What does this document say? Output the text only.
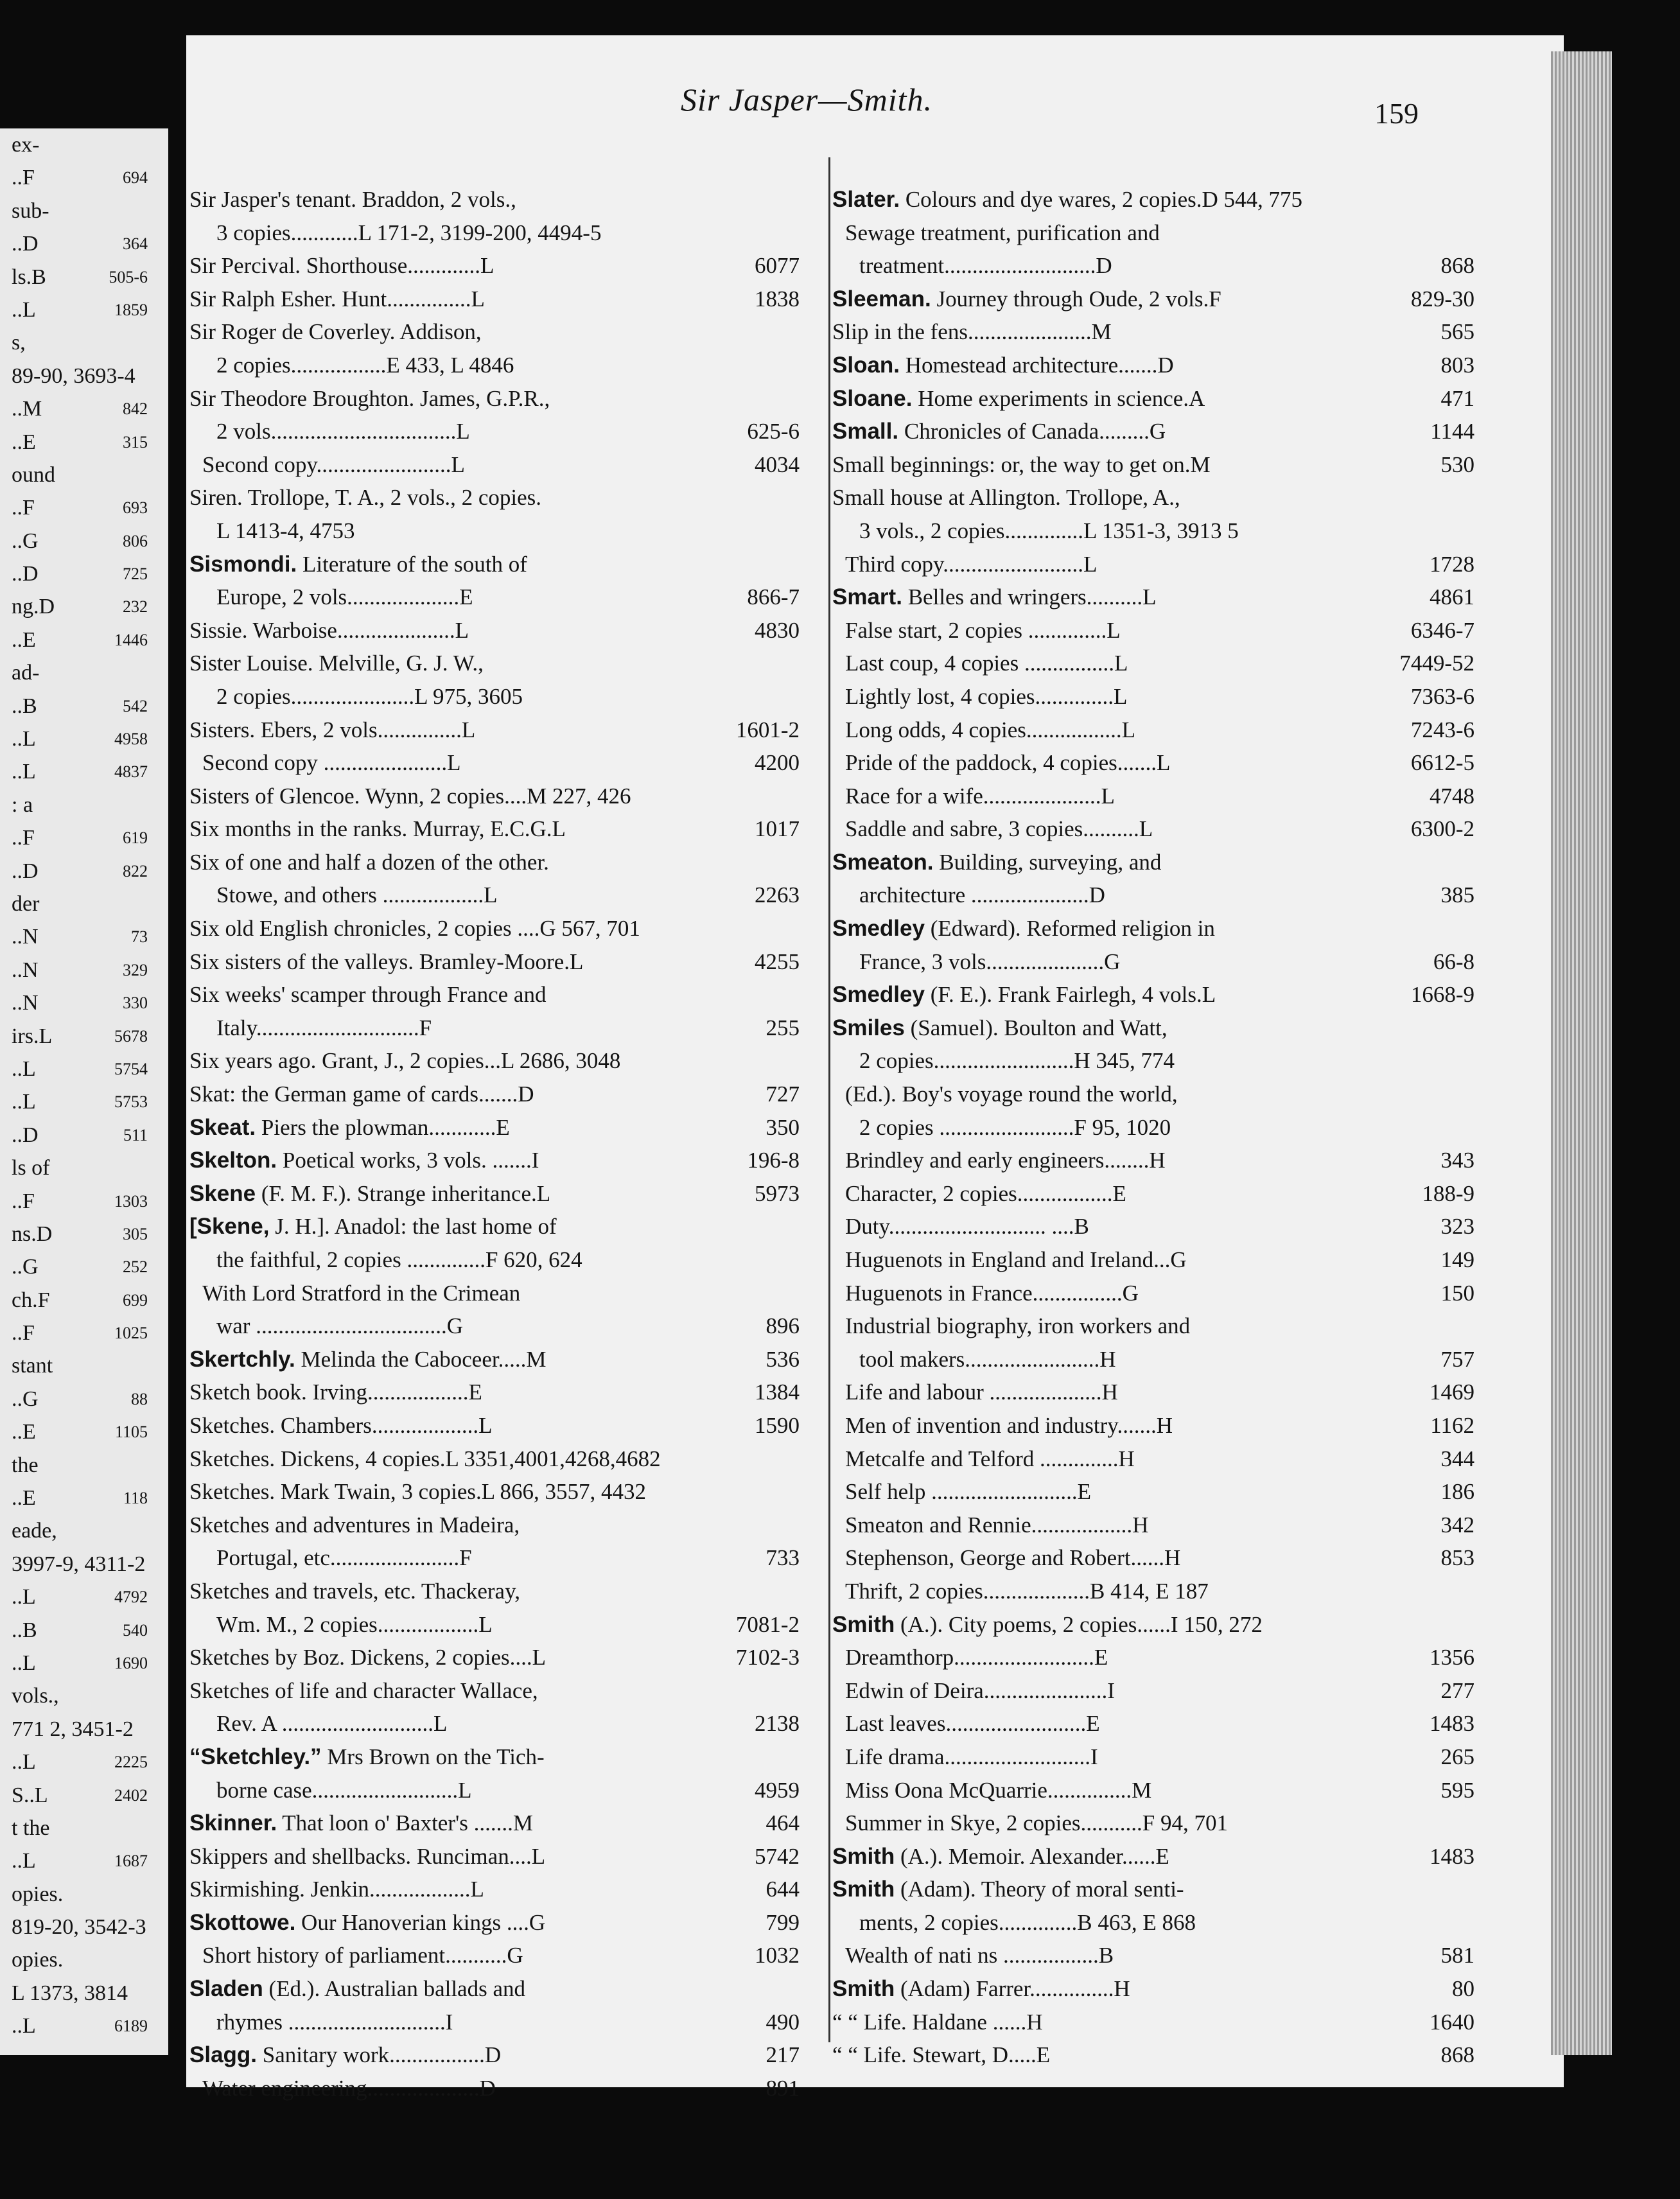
ex-
..F	694
sub-
..D	364
ls.B	505-6
..L	1859
s,
89-90, 3693-4
..M	842
..E	315
ound
..F	693
..G	806
..D	725
ng.D	232
..E	1446
ad-
..B	542
..L	4958
..L	4837
: a
..F	619
..D	822
der
..N	73
..N	329
..N	330
irs.L	5678
..L	5754
..L	5753
..D	511
ls of
..F	1303
ns.D	305
..G	252
ch.F	699
..F	1025
stant
..G	88
..E	1105
the
..E	118
eade,
3997-9, 4311-2
..L	4792
..B	540
..L	1690
vols.,
771 2, 3451-2
..L	2225
S..L	2402
t the
..L	1687
opies.
819-20, 3542-3
opies.
L 1373, 3814
..L	6189
Sir Jasper—Smith.	159
Sir Jasper's tenant. Braddon, 2 vols.,
3 copies............L 171-2, 3199-200, 4494-5
Sir Percival. Shorthouse.............L	6077
Sir Ralph Esher. Hunt...............L	1838
Sir Roger de Coverley. Addison,
2 copies.................E 433, L 4846
Sir Theodore Broughton. James, G.P.R.,
2 vols.................................L	625-6
Second copy........................L	4034
Siren. Trollope, T. A., 2 vols., 2 copies.
L 1413-4, 4753
Sismondi. Literature of the south of
Europe, 2 vols....................E	866-7
Sissie. Warboise.....................L	4830
Sister Louise. Melville, G. J. W.,
2 copies......................L 975, 3605
Sisters. Ebers, 2 vols...............L	1601-2
Second copy ......................L	4200
Sisters of Glencoe. Wynn, 2 copies....M 227, 426
Six months in the ranks. Murray, E.C.G.L	1017
Six of one and half a dozen of the other.
Stowe, and others ..................L	2263
Six old English chronicles, 2 copies ....G 567, 701
Six sisters of the valleys. Bramley-Moore.L	4255
Six weeks' scamper through France and
Italy.............................F	255
Six years ago. Grant, J., 2 copies...L 2686, 3048
Skat: the German game of cards.......D	727
Skeat. Piers the plowman............E	350
Skelton. Poetical works, 3 vols. .......I	196-8
Skene (F. M. F.). Strange inheritance.L	5973
[Skene, J. H.]. Anadol: the last home of
the faithful, 2 copies ..............F 620, 624
With Lord Stratford in the Crimean
war ..................................G	896
Skertchly. Melinda the Caboceer.....M	536
Sketch book. Irving..................E	1384
Sketches. Chambers...................L	1590
Sketches. Dickens, 4 copies.L 3351,4001,4268,4682
Sketches. Mark Twain, 3 copies.L 866, 3557, 4432
Sketches and adventures in Madeira,
Portugal, etc.......................F	733
Sketches and travels, etc. Thackeray,
Wm. M., 2 copies..................L	7081-2
Sketches by Boz. Dickens, 2 copies....L	7102-3
Sketches of life and character Wallace,
Rev. A ...........................L	2138
“Sketchley.” Mrs Brown on the Tich-
borne case..........................L	4959
Skinner. That loon o' Baxter's .......M	464
Skippers and shellbacks. Runciman....L	5742
Skirmishing. Jenkin..................L	644
Skottowe. Our Hanoverian kings ....G	799
Short history of parliament...........G	1032
Sladen (Ed.). Australian ballads and
rhymes ............................I	490
Slagg. Sanitary work.................D	217
Water engineering....................D	891
Slater. Colours and dye wares, 2 copies.D 544, 775
Sewage treatment, purification and
treatment...........................D	868
Sleeman. Journey through Oude, 2 vols.F	829-30
Slip in the fens......................M	565
Sloan. Homestead architecture.......D	803
Sloane. Home experiments in science.A	471
Small. Chronicles of Canada.........G	1144
Small beginnings: or, the way to get on.M	530
Small house at Allington. Trollope, A.,
3 vols., 2 copies..............L 1351-3, 3913 5
Third copy.........................L	1728
Smart. Belles and wringers..........L	4861
False start, 2 copies ..............L	6346-7
Last coup, 4 copies ................L	7449-52
Lightly lost, 4 copies..............L	7363-6
Long odds, 4 copies.................L	7243-6
Pride of the paddock, 4 copies.......L	6612-5
Race for a wife.....................L	4748
Saddle and sabre, 3 copies..........L	6300-2
Smeaton. Building, surveying, and
architecture .....................D	385
Smedley (Edward). Reformed religion in
France, 3 vols.....................G	66-8
Smedley (F. E.). Frank Fairlegh, 4 vols.L	1668-9
Smiles (Samuel). Boulton and Watt,
2 copies.........................H 345, 774
(Ed.). Boy's voyage round the world,
2 copies ........................F 95, 1020
Brindley and early engineers........H	343
Character, 2 copies.................E	188-9
Duty............................ ....B	323
Huguenots in England and Ireland...G	149
Huguenots in France................G	150
Industrial biography, iron workers and
tool makers........................H	757
Life and labour ....................H	1469
Men of invention and industry.......H	1162
Metcalfe and Telford ..............H	344
Self help ..........................E	186
Smeaton and Rennie..................H	342
Stephenson, George and Robert......H	853
Thrift, 2 copies...................B 414, E 187
Smith (A.). City poems, 2 copies......I 150, 272
Dreamthorp.........................E	1356
Edwin of Deira......................I	277
Last leaves.........................E	1483
Life drama..........................I	265
Miss Oona McQuarrie...............M	595
Summer in Skye, 2 copies...........F 94, 701
Smith (A.). Memoir. Alexander......E	1483
Smith (Adam). Theory of moral senti-
ments, 2 copies..............B 463, E 868
Wealth of nati ns .................B	581
Smith (Adam) Farrer...............H	80
“ “ Life. Haldane ......H	1640
“ “ Life. Stewart, D.....E	868
